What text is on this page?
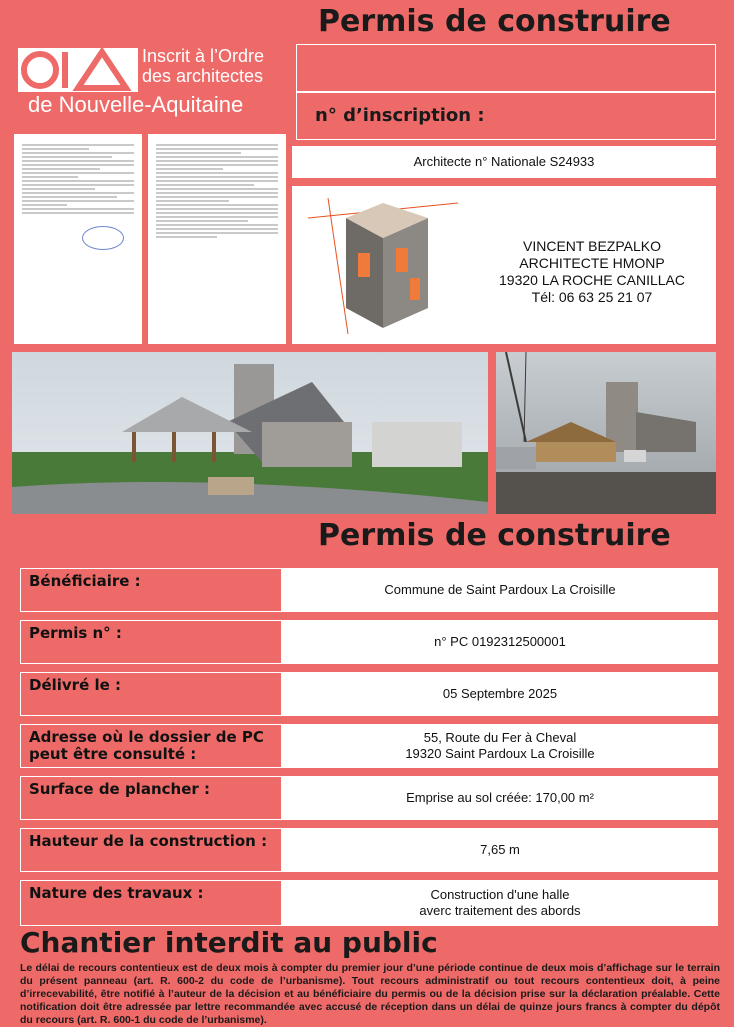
Permis de construire
Inscrit à l’Ordre
des architectes
de Nouvelle-Aquitaine	n° d’inscription :
Architecte n° Nationale S24933
VINCENT BEZPALKO
ARCHITECTE HMONP
19320 LA ROCHE CANILLAC
Tél: 06 63 25 21 07
Permis de construire
Bénéficiaire :	Commune de Saint Pardoux La Croisille
Permis n° :	n° PC 0192312500001
Délivré le :	05 Septembre 2025
Adresse où le dossier de PC peut être consulté :
55, Route du Fer à Cheval
19320 Saint Pardoux La Croisille
Surface de plancher :	Emprise au sol créée: 170,00 m²
Hauteur de la construction :	7,65 m
Nature des travaux :	Construction d'une halle
averc traitement des abords
Chantier interdit au public
Le délai de recours contentieux est de deux mois à compter du premier jour d’une période continue de deux mois d’affichage sur le terrain du présent panneau (art. R. 600-2 du code de l’urbanisme). Tout recours administratif ou tout recours contentieux doit, à peine d’irrecevabilité, être notifié à l’auteur de la décision et au bénéficiaire du permis ou de la décision prise sur la déclaration préalable. Cette notification doit être adressée par lettre recommandée avec accusé de réception dans un délai de quinze jours francs à compter du dépôt du recours (art. R. 600-1 du code de l’urbanisme).
